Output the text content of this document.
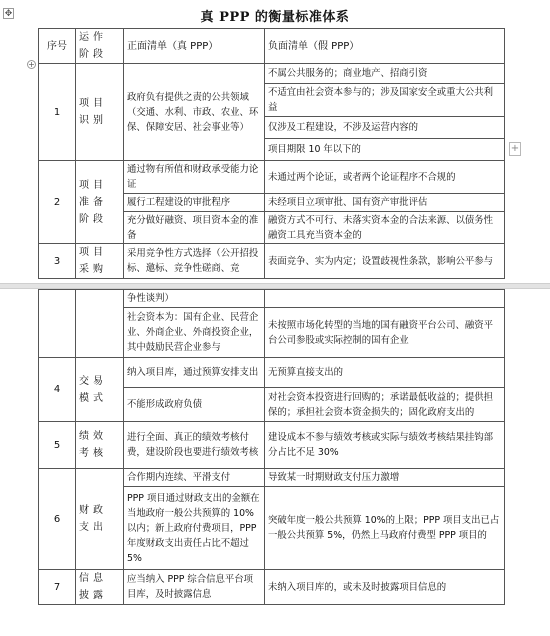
真 PPP 的衡量标准体系
✥
+
+
序号	运作阶段	正面清单（真 PPP）	负面清单（假 PPP）
1	项目识别	政府负有提供之责的公共领域（交通、水利、市政、农业、环保、保障安居、社会事业等）	不属公共服务的；商业地产、招商引资
			不适宜由社会资本参与的；涉及国家安全或重大公共利益
			仅涉及工程建设，不涉及运营内容的
			项目期限 10 年以下的
2	项目准备阶段	通过物有所值和财政承受能力论证	未通过两个论证，或者两个论证程序不合规的
		履行工程建设的审批程序	未经项目立项审批、国有资产审批评估
		充分做好融资、项目资本金的准备	融资方式不可行、未落实资本金的合法来源、以债务性融资工具充当资本金的
3	项目采购	采用竞争性方式选择（公开招投标、邀标、竞争性磋商、竞	表面竞争、实为内定；设置歧视性条款，影响公平参与
		争性谈判）	
		社会资本为：国有企业、民营企业、外商企业、外商投资企业，其中鼓励民营企业参与	未按照市场化转型的当地的国有融资平台公司、融资平台公司参股或实际控制的国有企业
4	交易模式	纳入项目库，通过预算安排支出	无预算直接支出的
		不能形成政府负债	对社会资本投资进行回购的；承诺最低收益的；提供担保的；承担社会资本资金损失的；固化政府支出的
5	绩效考核	进行全面、真正的绩效考核付费，建设阶段也要进行绩效考核	建设成本不参与绩效考核或实际与绩效考核结果挂钩部分占比不足 30%
6	财政支出	合作期内连续、平滑支付	导致某一时期财政支付压力激增
		PPP 项目通过财政支出的金额在当地政府一般公共预算的 10%以内；新上政府付费项目，PPP 年度财政支出责任占比不超过 5%	突破年度一般公共预算 10%的上限；PPP 项目支出已占一般公共预算 5%，仍然上马政府付费型 PPP 项目的
7	信息披露	应当纳入 PPP 综合信息平台项目库，及时披露信息	未纳入项目库的，或未及时披露项目信息的
